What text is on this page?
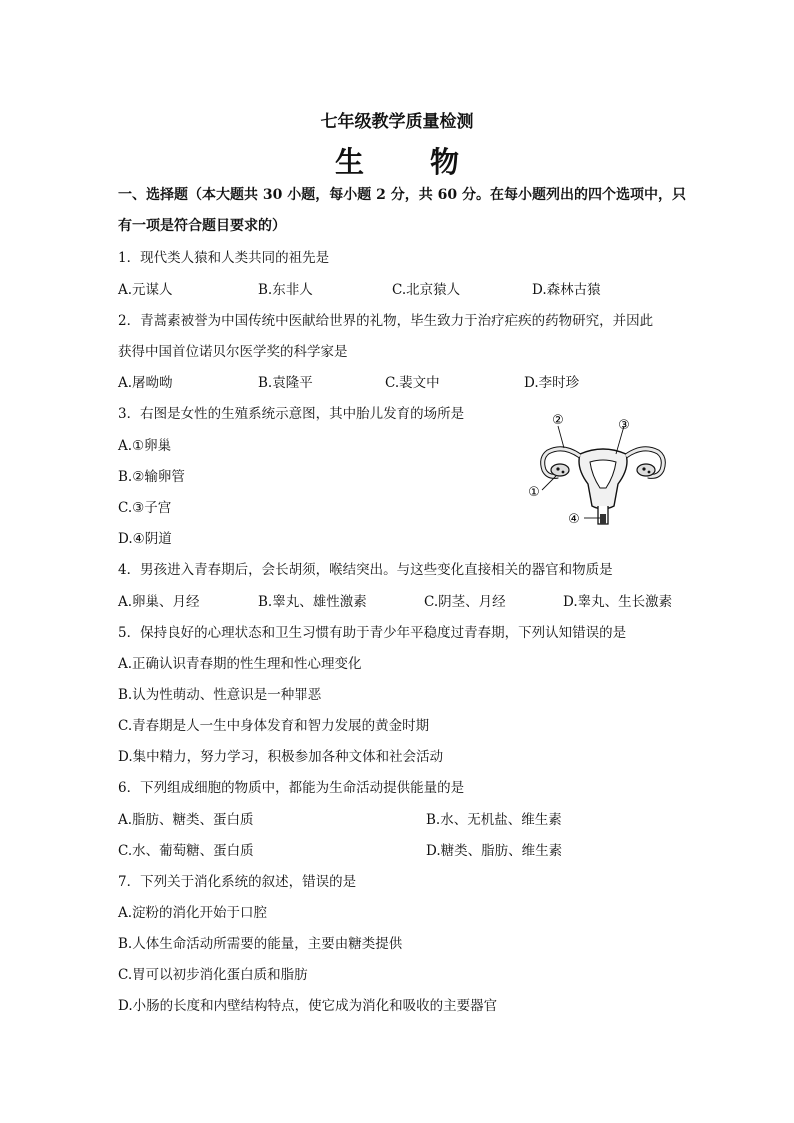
七年级教学质量检测
生 物
一、选择题（本大题共 30 小题，每小题 2 分，共 60 分。在每小题列出的四个选项中，只
有一项是符合题目要求的）
1．现代类人猿和人类共同的祖先是
A.元谋人	B.东非人	C.北京猿人	D.森林古猿
2．青蒿素被誉为中国传统中医献给世界的礼物，毕生致力于治疗疟疾的药物研究，并因此
获得中国首位诺贝尔医学奖的科学家是
A.屠呦呦	B.袁隆平	C.裴文中	D.李时珍
3．右图是女性的生殖系统示意图，其中胎儿发育的场所是
A.①卵巢
B.②输卵管
C.③子宫
D.④阴道
②	③
①
④
4．男孩进入青春期后，会长胡须，喉结突出。与这些变化直接相关的器官和物质是
A.卵巢、月经	B.睾丸、雄性激素	C.阴茎、月经	D.睾丸、生长激素
5．保持良好的心理状态和卫生习惯有助于青少年平稳度过青春期，下列认知错误的是
A.正确认识青春期的性生理和性心理变化
B.认为性萌动、性意识是一种罪恶
C.青春期是人一生中身体发育和智力发展的黄金时期
D.集中精力，努力学习，积极参加各种文体和社会活动
6．下列组成细胞的物质中，都能为生命活动提供能量的是
A.脂肪、糖类、蛋白质	B.水、无机盐、维生素
C.水、葡萄糖、蛋白质	D.糖类、脂肪、维生素
7．下列关于消化系统的叙述，错误的是
A.淀粉的消化开始于口腔
B.人体生命活动所需要的能量，主要由糖类提供
C.胃可以初步消化蛋白质和脂肪
D.小肠的长度和内壁结构特点，使它成为消化和吸收的主要器官
